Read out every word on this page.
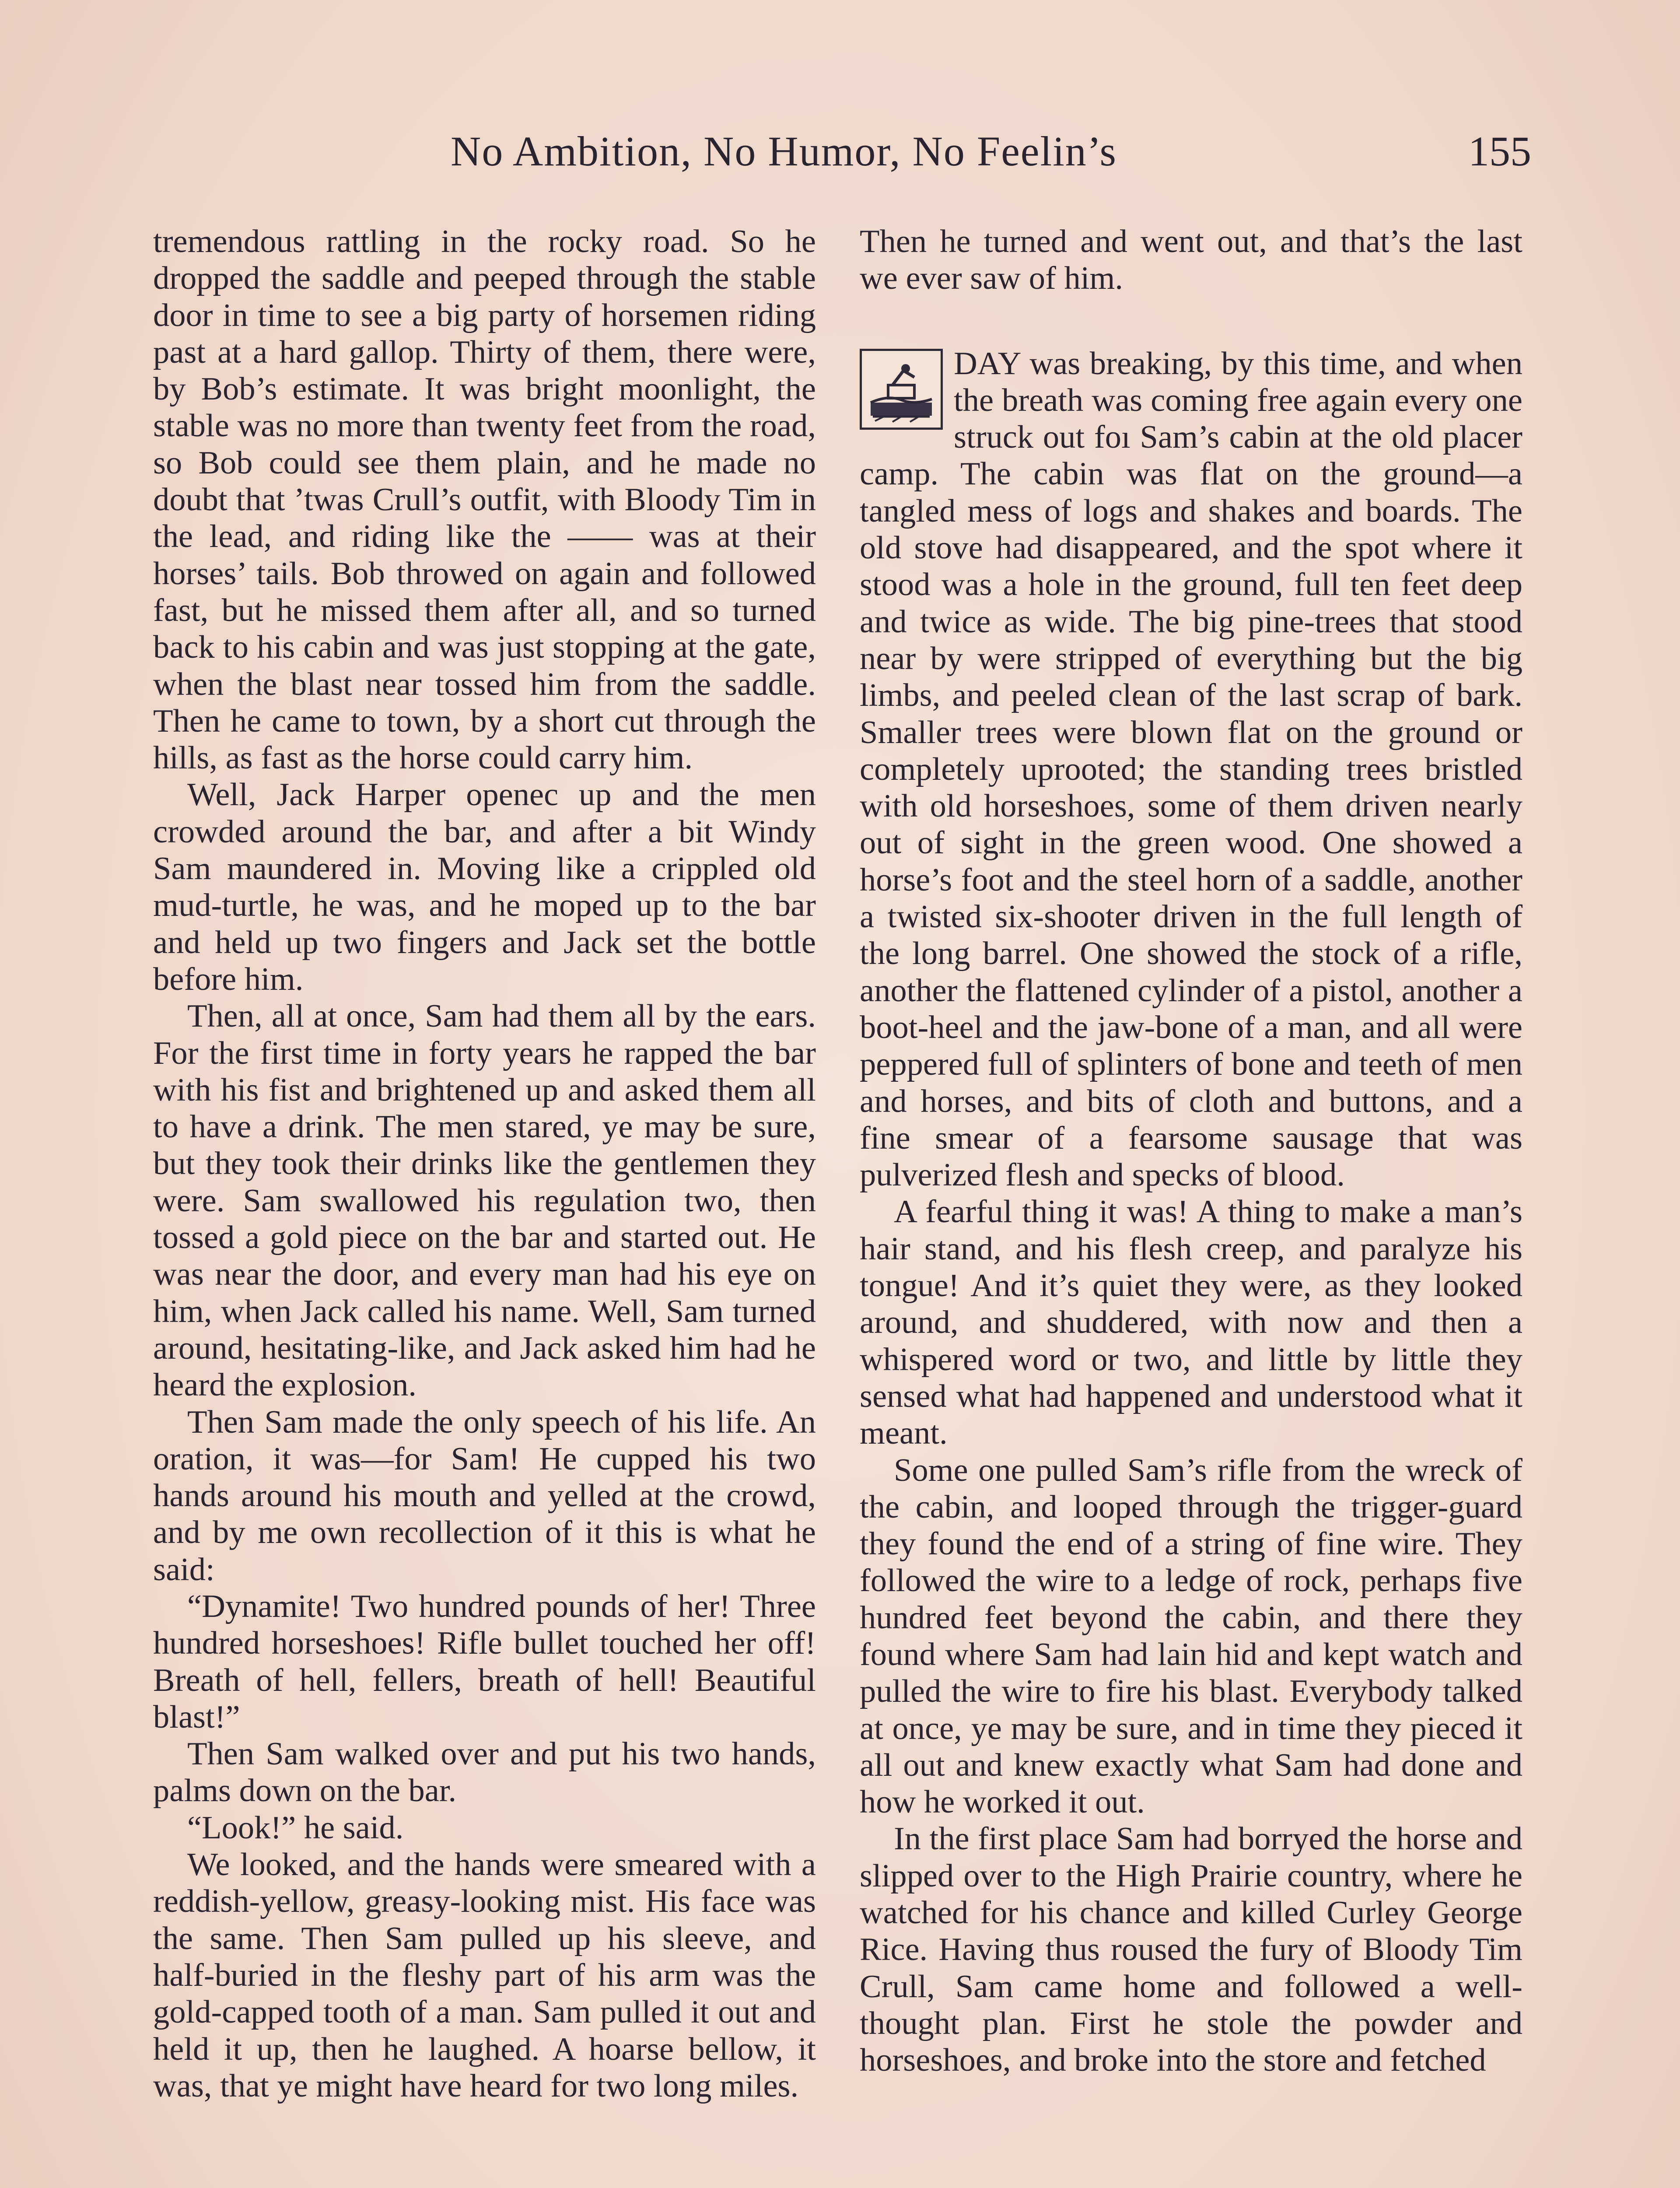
No Ambition, No Humor, No Feelin’s	155

tremendous rattling in the rocky road. So he dropped the saddle and peeped through the stable door in time to see a big party of horsemen riding past at a hard gallop. Thirty of them, there were, by Bob’s estimate. It was bright moonlight, the stable was no more than twenty feet from the road, so Bob could see them plain, and he made no doubt that ’twas Crull’s outfit, with Bloody Tim in the lead, and riding like the —— was at their horses’ tails. Bob throwed on again and followed fast, but he missed them after all, and so turned back to his cabin and was just stopping at the gate, when the blast near tossed him from the saddle. Then he came to town, by a short cut through the hills, as fast as the horse could carry him.

Well, Jack Harper openec up and the men crowded around the bar, and after a bit Windy Sam maundered in. Moving like a crippled old mud-turtle, he was, and he moped up to the bar and held up two fingers and Jack set the bottle before him.

Then, all at once, Sam had them all by the ears. For the first time in forty years he rapped the bar with his fist and brightened up and asked them all to have a drink. The men stared, ye may be sure, but they took their drinks like the gentlemen they were. Sam swallowed his regulation two, then tossed a gold piece on the bar and started out. He was near the door, and every man had his eye on him, when Jack called his name. Well, Sam turned around, hesitating-like, and Jack asked him had he heard the explosion.

Then Sam made the only speech of his life. An oration, it was—for Sam! He cupped his two hands around his mouth and yelled at the crowd, and by me own recollection of it this is what he said:

“Dynamite! Two hundred pounds of her! Three hundred horseshoes! Rifle bullet touched her off! Breath of hell, fellers, breath of hell! Beautiful blast!”

Then Sam walked over and put his two hands, palms down on the bar.

“Look!” he said.

We looked, and the hands were smeared with a reddish-yellow, greasy-looking mist. His face was the same. Then Sam pulled up his sleeve, and half-buried in the fleshy part of his arm was the gold-capped tooth of a man. Sam pulled it out and held it up, then he laughed. A hoarse bellow, it was, that ye might have heard for two long miles.

Then he turned and went out, and that’s the last we ever saw of him.

DAY was breaking, by this time, and when the breath was coming free again every one struck out foı Sam’s cabin at the old placer camp. The cabin was flat on the ground—a tangled mess of logs and shakes and boards. The old stove had disappeared, and the spot where it stood was a hole in the ground, full ten feet deep and twice as wide. The big pine-trees that stood near by were stripped of everything but the big limbs, and peeled clean of the last scrap of bark. Smaller trees were blown flat on the ground or completely uprooted; the standing trees bristled with old horseshoes, some of them driven nearly out of sight in the green wood. One showed a horse’s foot and the steel horn of a saddle, another a twisted six-shooter driven in the full length of the long barrel. One showed the stock of a rifle, another the flattened cylinder of a pistol, another a boot-heel and the jaw-bone of a man, and all were peppered full of splinters of bone and teeth of men and horses, and bits of cloth and buttons, and a fine smear of a fearsome sausage that was pulverized flesh and specks of blood.

A fearful thing it was! A thing to make a man’s hair stand, and his flesh creep, and paralyze his tongue! And it’s quiet they were, as they looked around, and shuddered, with now and then a whispered word or two, and little by little they sensed what had happened and understood what it meant.

Some one pulled Sam’s rifle from the wreck of the cabin, and looped through the trigger-guard they found the end of a string of fine wire. They followed the wire to a ledge of rock, perhaps five hundred feet beyond the cabin, and there they found where Sam had lain hid and kept watch and pulled the wire to fire his blast. Everybody talked at once, ye may be sure, and in time they pieced it all out and knew exactly what Sam had done and how he worked it out.

In the first place Sam had borryed the horse and slipped over to the High Prairie country, where he watched for his chance and killed Curley George Rice. Having thus roused the fury of Bloody Tim Crull, Sam came home and followed a well-thought plan. First he stole the powder and horseshoes, and broke into the store and fetched
